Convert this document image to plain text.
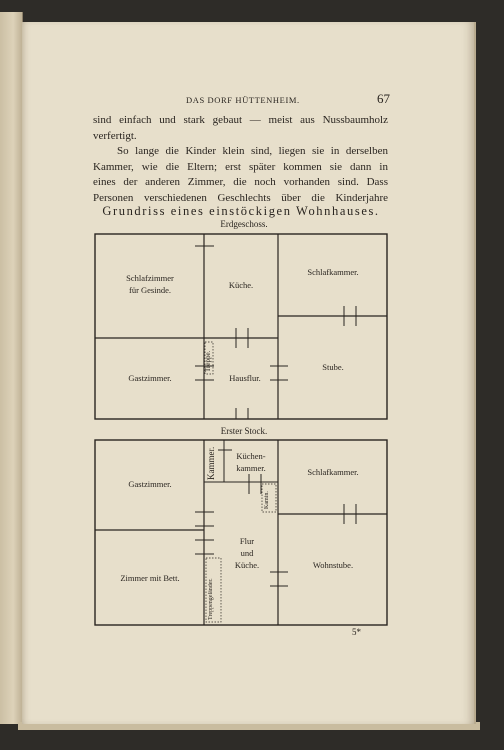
DAS DORF HÜTTENHEIM.	67
sind einfach und stark gebaut — meist aus Nussbaumholz
verfertigt.
So lange die Kinder klein sind, liegen sie in derselben
Kammer, wie die Eltern; erst später kommen sie dann in
eines der anderen Zimmer, die noch vorhanden sind. Dass
Personen verschiedenen Geschlechts über die Kinderjahre
Grundriss eines einstöckigen Wohnhauses.
Erdgeschoss.
Erster Stock.
Schlafzimmer
für Gesinde.	Küche.
Schlafkammer.
Gastzimmer.
Treppe.
Hausflur.
Stube.
Kammer.	Küchen-
kammer.	Schlafkammer.
Kamin.
Gastzimmer.
Flur
und
Küche.
Treppengeländer.
Zimmer mit Bett.
Wohnstube.
5*
